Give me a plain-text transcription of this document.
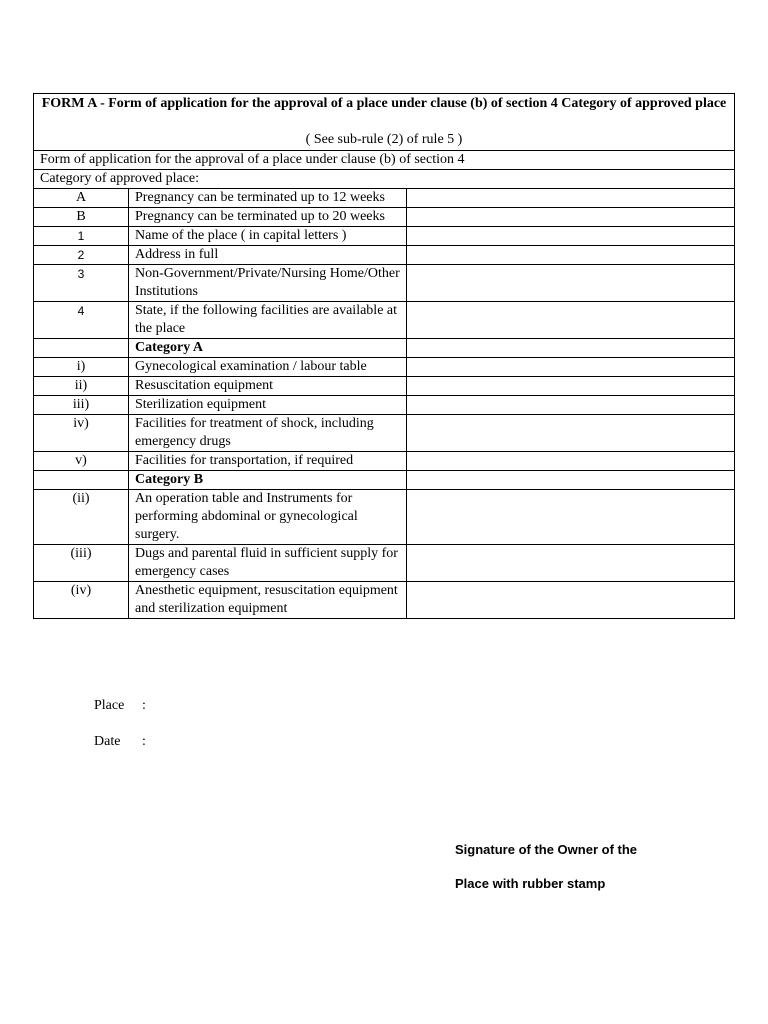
FORM A - Form of application for the approval of a place under clause (b) of section 4 Category of approved place
( See sub-rule (2) of rule 5 )		

Form of application for the approval of a place under clause (b) of section 4		
Category of approved place:		
A	Pregnancy can be terminated up to 12 weeks	
B	Pregnancy can be terminated up to 20 weeks	
1	Name of the place ( in capital letters )	
2	Address in full	
3	Non-Government/Private/Nursing Home/Other Institutions	
4	State, if the following facilities are available at the place	
	Category A	
i)	Gynecological examination / labour table	
ii)	Resuscitation equipment	
iii)	Sterilization equipment	
iv)	Facilities for treatment of shock, including emergency drugs	
v)	Facilities for transportation, if required	
	Category B	
(ii)	An operation table and Instruments for performing abdominal or gynecological surgery.	
(iii)	Dugs and parental fluid in sufficient supply for emergency cases	
(iv)	Anesthetic equipment, resuscitation equipment and sterilization equipment	
Place :
Date :
Signature of the Owner of the
Place with rubber stamp
